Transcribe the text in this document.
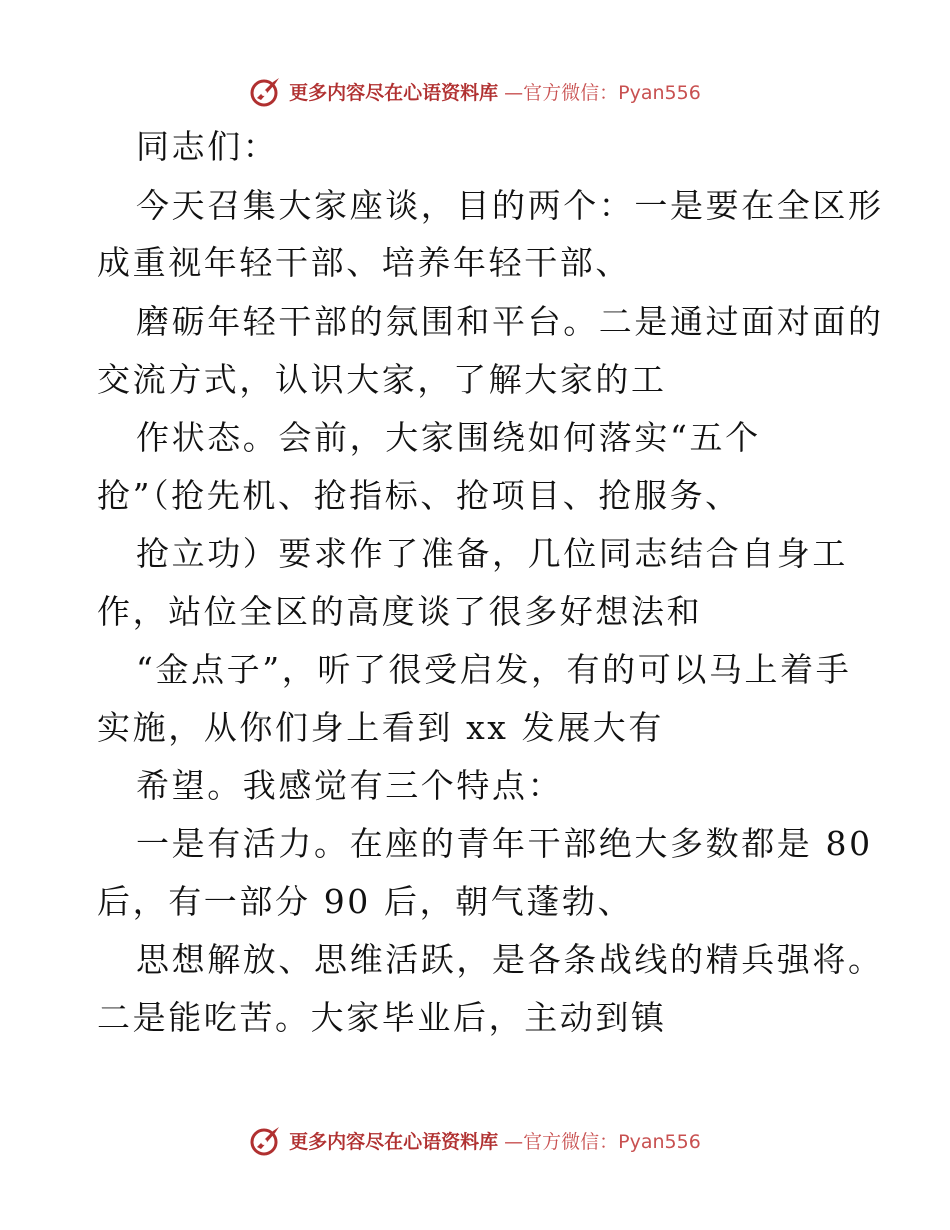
更多内容尽在心语资料库 —官方微信：Pyan556
同志们：
今天召集大家座谈，目的两个：一是要在全区形
成重视年轻干部、培养年轻干部、
磨砺年轻干部的氛围和平台。二是通过面对面的
交流方式，认识大家，了解大家的工
作状态。会前，大家围绕如何落实“五个
抢”（抢先机、抢指标、抢项目、抢服务、
抢立功）要求作了准备，几位同志结合自身工
作，站位全区的高度谈了很多好想法和
“金点子”，听了很受启发，有的可以马上着手
实施，从你们身上看到 xx 发展大有
希望。我感觉有三个特点：
一是有活力。在座的青年干部绝大多数都是 80
后，有一部分 90 后，朝气蓬勃、
思想解放、思维活跃，是各条战线的精兵强将。
二是能吃苦。大家毕业后，主动到镇
更多内容尽在心语资料库 —官方微信：Pyan556
